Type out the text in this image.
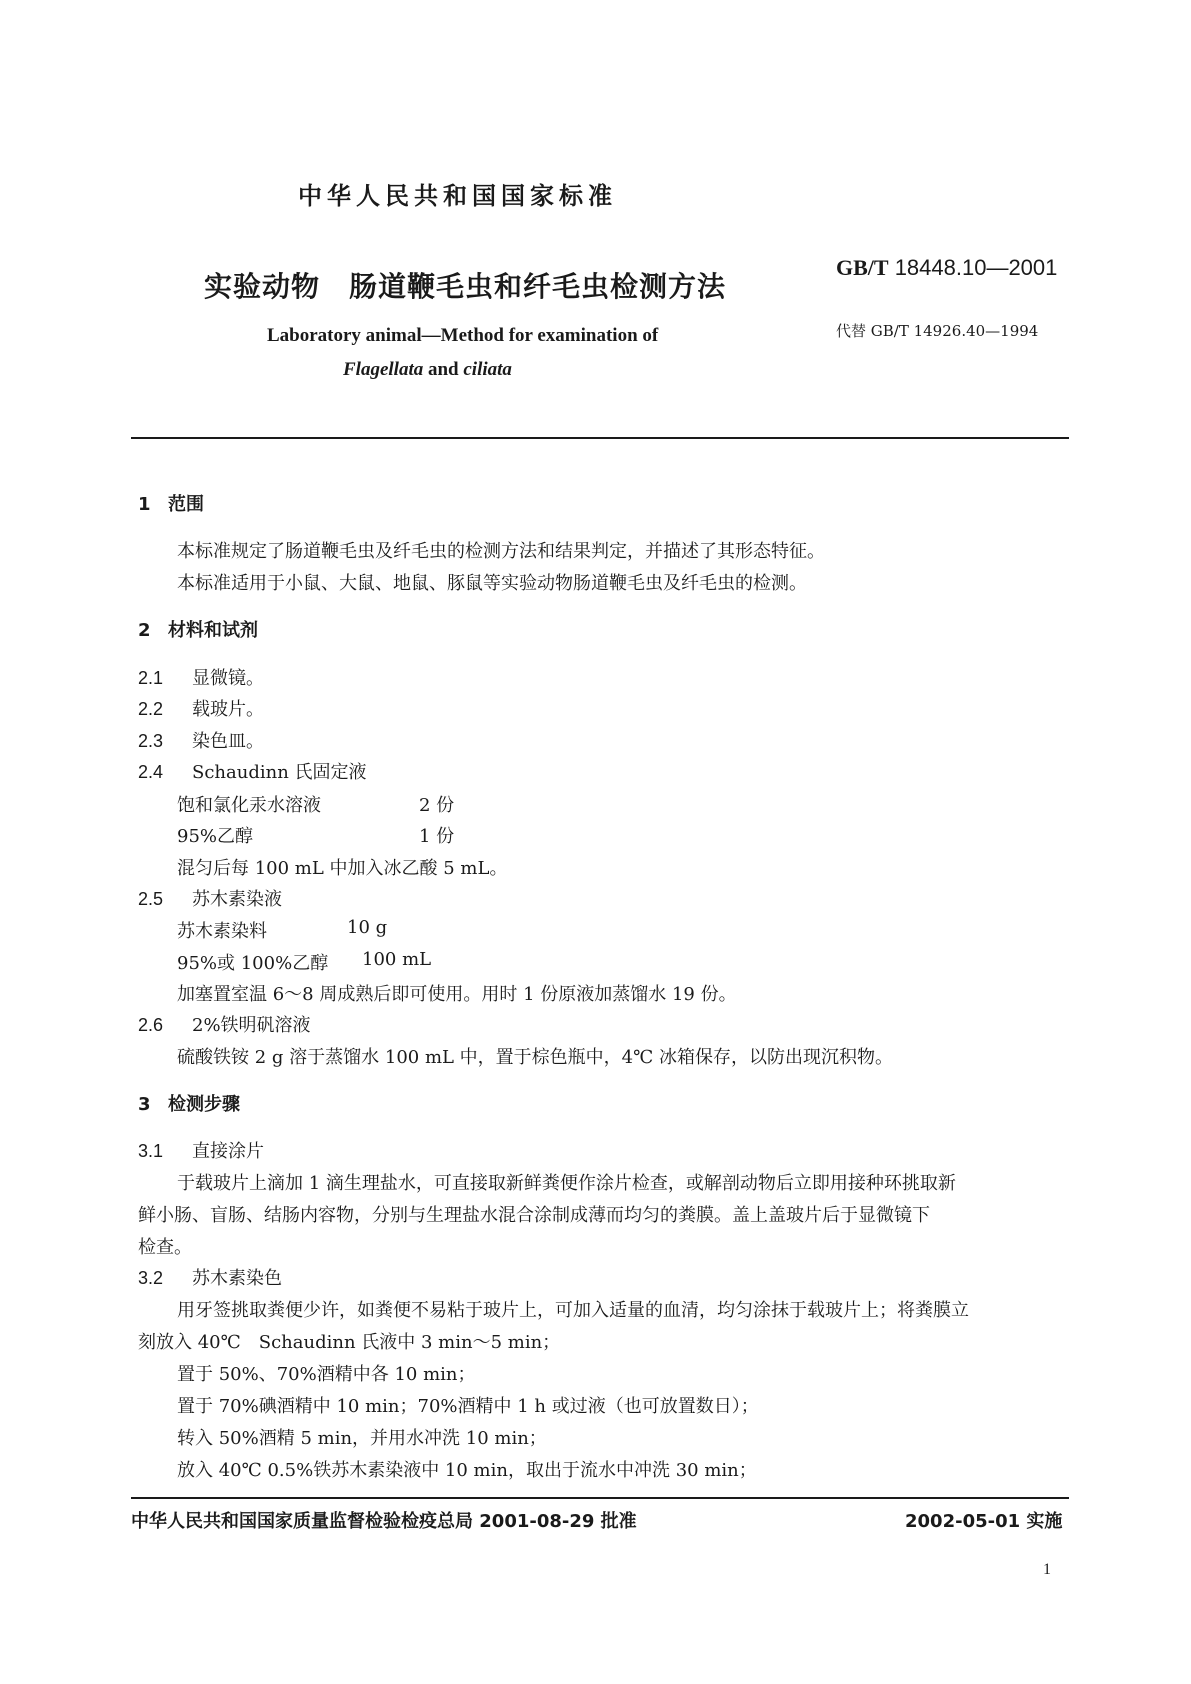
中华人民共和国国家标准
实验动物　肠道鞭毛虫和纤毛虫检测方法
GB/T 18448.10—2001
代替 GB/T 14926.40—1994
Laboratory animal—Method for examination of
Flagellata and ciliata
1 范围
本标准规定了肠道鞭毛虫及纤毛虫的检测方法和结果判定，并描述了其形态特征。
本标准适用于小鼠、大鼠、地鼠、豚鼠等实验动物肠道鞭毛虫及纤毛虫的检测。
2 材料和试剂
2.1 显微镜。
2.2 载玻片。
2.3 染色皿。
2.4 Schaudinn 氏固定液
饱和氯化汞水溶液	2 份
95%乙醇	1 份
混匀后每 100 mL 中加入冰乙酸 5 mL。
2.5 苏木素染液
苏木素染料	10 g
95%或 100%乙醇 100 mL
加塞置室温 6～8 周成熟后即可使用。用时 1 份原液加蒸馏水 19 份。
2.6 2%铁明矾溶液
硫酸铁铵 2 g 溶于蒸馏水 100 mL 中，置于棕色瓶中，4℃ 冰箱保存，以防出现沉积物。
3 检测步骤
3.1 直接涂片
于载玻片上滴加 1 滴生理盐水，可直接取新鲜粪便作涂片检查，或解剖动物后立即用接种环挑取新
鲜小肠、盲肠、结肠内容物，分别与生理盐水混合涂制成薄而均匀的粪膜。盖上盖玻片后于显微镜下
检查。
3.2 苏木素染色
用牙签挑取粪便少许，如粪便不易粘于玻片上，可加入适量的血清，均匀涂抹于载玻片上；将粪膜立
刻放入 40℃　Schaudinn 氏液中 3 min～5 min；
置于 50%、70%酒精中各 10 min；
置于 70%碘酒精中 10 min；70%酒精中 1 h 或过液（也可放置数日）；
转入 50%酒精 5 min，并用水冲洗 10 min；
放入 40℃ 0.5%铁苏木素染液中 10 min，取出于流水中冲洗 30 min；
中华人民共和国国家质量监督检验检疫总局 2001-08-29 批准	2002-05-01 实施
1
